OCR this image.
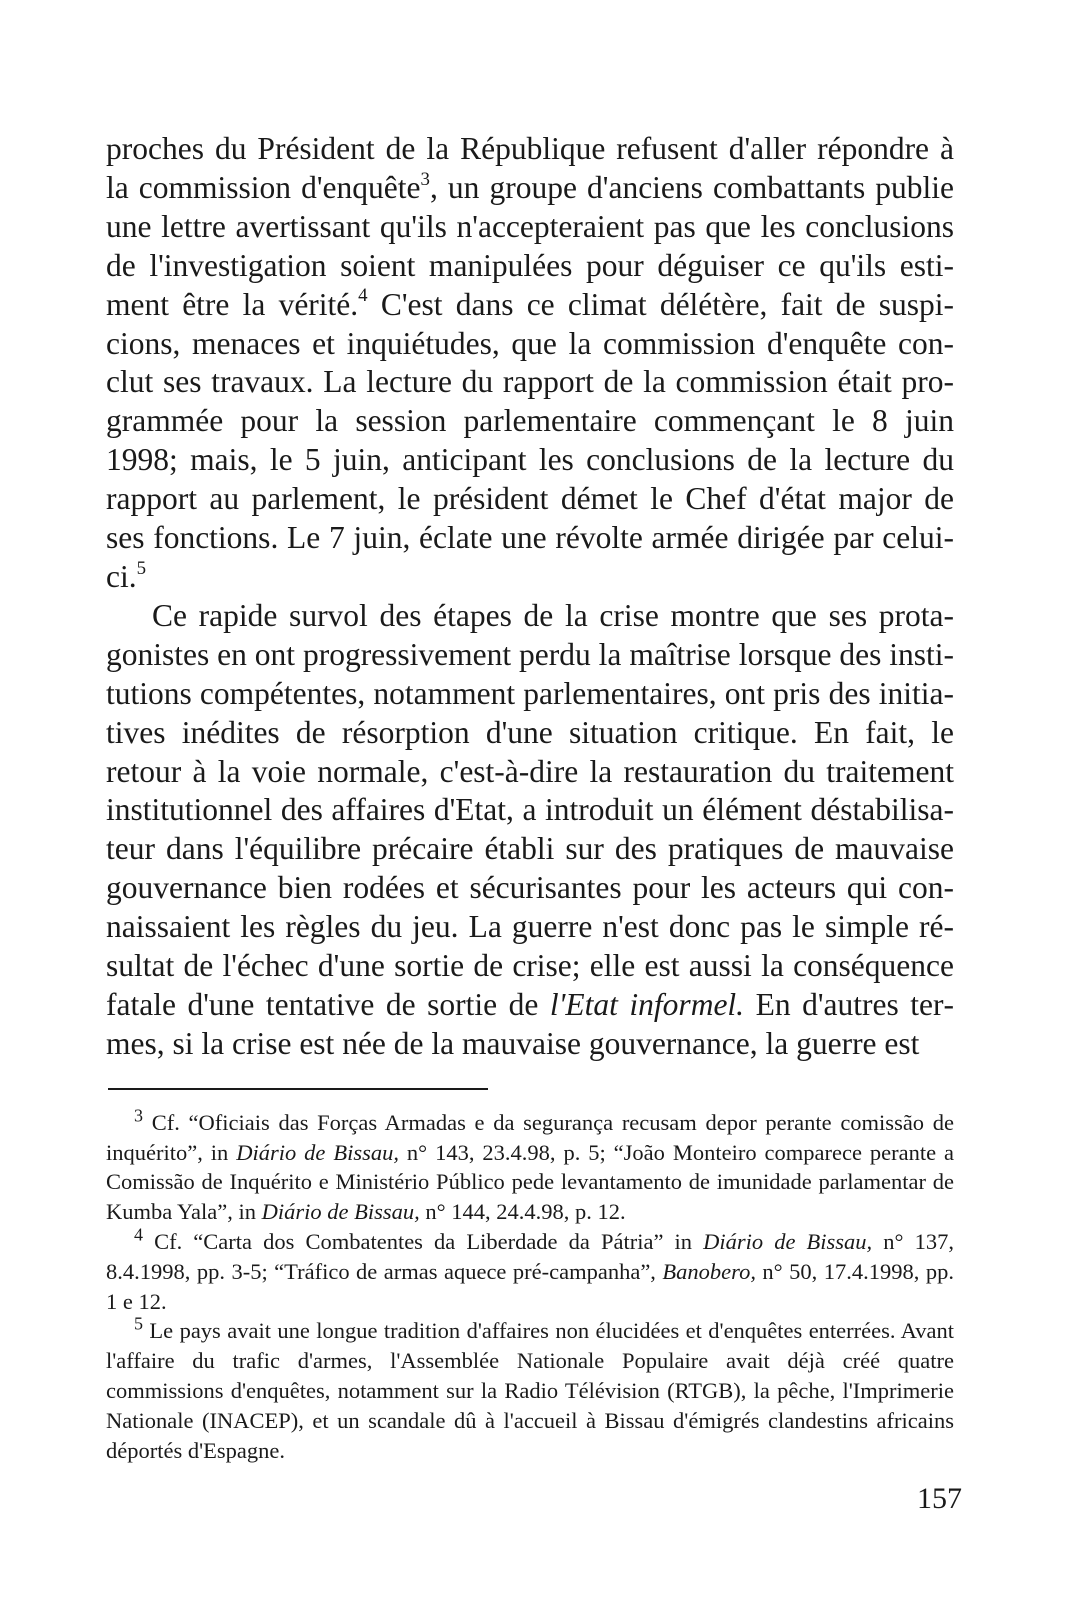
proches du Président de la République refusent d'aller répondre à la commission d'enquête$^3$, un groupe d'anciens combattants publie une lettre avertissant qu'ils n'accepteraient pas que les conclusions de l'investigation soient manipulées pour déguiser ce qu'ils estiment être la vérité.$^4$ C'est dans ce climat délétère, fait de suspicions, menaces et inquiétudes, que la commission d'enquête conclut ses travaux. La lecture du rapport de la commission était programmée pour la session parlementaire commençant le 8 juin 1998; mais, le 5 juin, anticipant les conclusions de la lecture du rapport au parlement, le président démet le Chef d'état major de ses fonctions. Le 7 juin, éclate une révolte armée dirigée par celui-ci.$^5$

Ce rapide survol des étapes de la crise montre que ses protagonistes en ont progressivement perdu la maîtrise lorsque des institutions compétentes, notamment parlementaires, ont pris des initiatives inédites de résorption d'une situation critique. En fait, le retour à la voie normale, c'est-à-dire la restauration du traitement institutionnel des affaires d'Etat, a introduit un élément déstabilisateur dans l'équilibre précaire établi sur des pratiques de mauvaise gouvernance bien rodées et sécurisantes pour les acteurs qui connaissaient les règles du jeu. La guerre n'est donc pas le simple résultat de l'échec d'une sortie de crise; elle est aussi la conséquence fatale d'une tentative de sortie de l'Etat informel. En d'autres termes, si la crise est née de la mauvaise gouvernance, la guerre est

$^3$ Cf. “Oficiais das Forças Armadas e da segurança recusam depor perante comissão de inquérito”, in Diário de Bissau, n° 143, 23.4.98, p. 5; “João Monteiro comparece perante a Comissão de Inquérito e Ministério Público pede levantamento de imunidade parlamentar de Kumba Yala”, in Diário de Bissau, n° 144, 24.4.98, p. 12.

$^4$ Cf. “Carta dos Combatentes da Liberdade da Pátria” in Diário de Bissau, n° 137, 8.4.1998, pp. 3-5; “Tráfico de armas aquece pré-campanha”, Banobero, n° 50, 17.4.1998, pp. 1 e 12.

$^5$ Le pays avait une longue tradition d'affaires non élucidées et d'enquêtes enterrées. Avant l'affaire du trafic d'armes, l'Assemblée Nationale Populaire avait déjà créé quatre commissions d'enquêtes, notamment sur la Radio Télévision (RTGB), la pêche, l'Imprimerie Nationale (INACEP), et un scandale dû à l'accueil à Bissau d'émigrés clandestins africains déportés d'Espagne.

157
